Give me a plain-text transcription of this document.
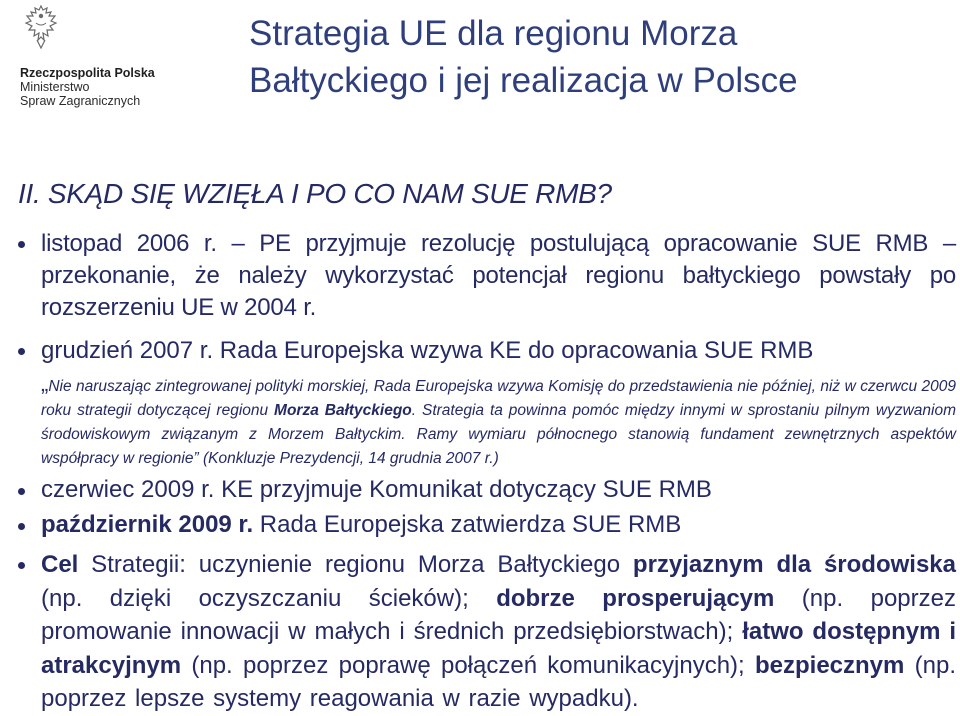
Rzeczpospolita Polska
Ministerstwo
Spraw Zagranicznych
Strategia UE dla regionu Morza
Bałtyckiego i jej realizacja w Polsce
II. SKĄD SIĘ WZIĘŁA I PO CO NAM SUE RMB?
listopad 2006 r. – PE przyjmuje rezolucję postulującą opracowanie SUE RMB – przekonanie, że należy wykorzystać potencjał regionu bałtyckiego powstały po rozszerzeniu UE w 2004 r.
grudzień 2007 r. Rada Europejska wzywa KE do opracowania SUE RMB
„Nie naruszając zintegrowanej polityki morskiej, Rada Europejska wzywa Komisję do przedstawienia nie później, niż w czerwcu 2009 roku strategii dotyczącej regionu Morza Bałtyckiego. Strategia ta powinna pomóc między innymi w sprostaniu pilnym wyzwaniom środowiskowym związanym z Morzem Bałtyckim. Ramy wymiaru północnego stanowią fundament zewnętrznych aspektów współpracy w regionie” (Konkluzje Prezydencji, 14 grudnia 2007 r.)
czerwiec 2009 r. KE przyjmuje Komunikat dotyczący SUE RMB
październik 2009 r. Rada Europejska zatwierdza SUE RMB
Cel Strategii: uczynienie regionu Morza Bałtyckiego przyjaznym dla środowiska (np. dzięki oczyszczaniu ścieków); dobrze prosperującym (np. poprzez promowanie innowacji w małych i średnich przedsiębiorstwach); łatwo dostępnym i atrakcyjnym (np. poprzez poprawę połączeń komunikacyjnych); bezpiecznym (np. poprzez lepsze systemy reagowania w razie wypadku).
